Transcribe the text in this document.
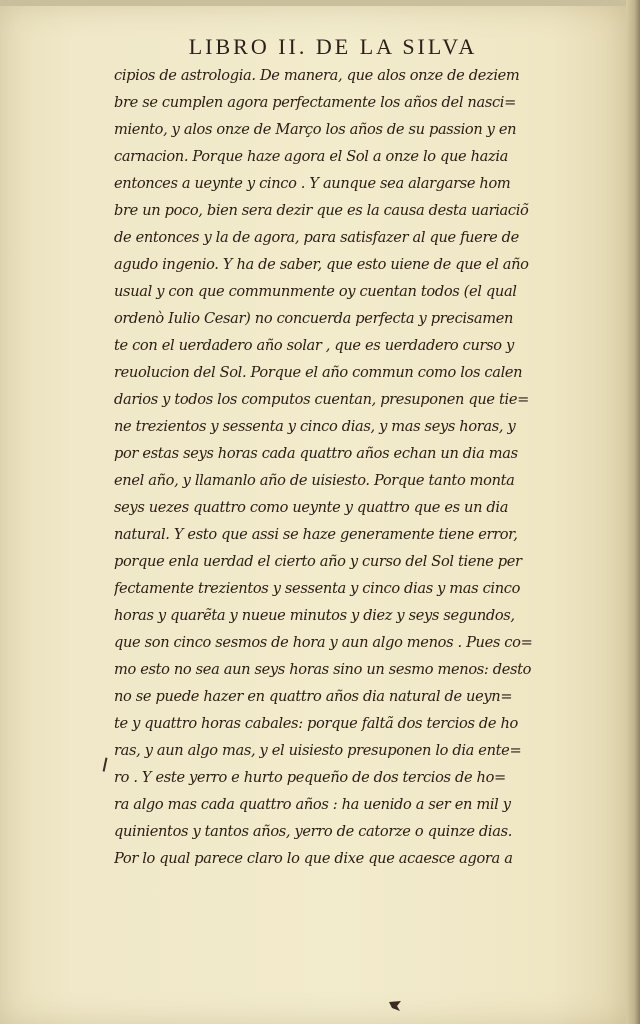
LIBRO II. DE LA SILVA
cipios de astrologia. De manera, que alos onze de deziem
bre se cumplen agora perfectamente los años del nasci=
miento, y alos onze de Março los años de su passion y en
carnacion. Porque haze agora el Sol a onze lo que hazia
entonces a ueynte y cinco . Y aunque sea alargarse hom
bre un poco, bien sera dezir que es la causa desta uariaciõ
de entonces y la de agora, para satisfazer al que fuere de
agudo ingenio. Y ha de saber, que esto uiene de que el año
usual y con que communmente oy cuentan todos (el qual
ordenò Iulio Cesar) no concuerda perfecta y precisamen
te con el uerdadero año solar , que es uerdadero curso y
reuolucion del Sol. Porque el año commun como los calen
darios y todos los computos cuentan, presuponen que tie=
ne trezientos y sessenta y cinco dias, y mas seys horas, y
por estas seys horas cada quattro años echan un dia mas
enel año, y llamanlo año de uisiesto. Porque tanto monta
seys uezes quattro como ueynte y quattro que es un dia
natural. Y esto que assi se haze generamente tiene error,
porque enla uerdad el cierto año y curso del Sol tiene per
fectamente trezientos y sessenta y cinco dias y mas cinco
horas y quarẽta y nueue minutos y diez y seys segundos,
que son cinco sesmos de hora y aun algo menos . Pues co=
mo esto no sea aun seys horas sino un sesmo menos: desto
no se puede hazer en quattro años dia natural de ueyn=
te y quattro horas cabales: porque faltã dos tercios de ho
ras, y aun algo mas, y el uisiesto presuponen lo dia ente=
ro . Y este yerro e hurto pequeño de dos tercios de ho=
ra algo mas cada quattro años : ha uenido a ser en mil y
quinientos y tantos años, yerro de catorze o quinze dias.
Por lo qual parece claro lo que dixe que acaesce agora a
